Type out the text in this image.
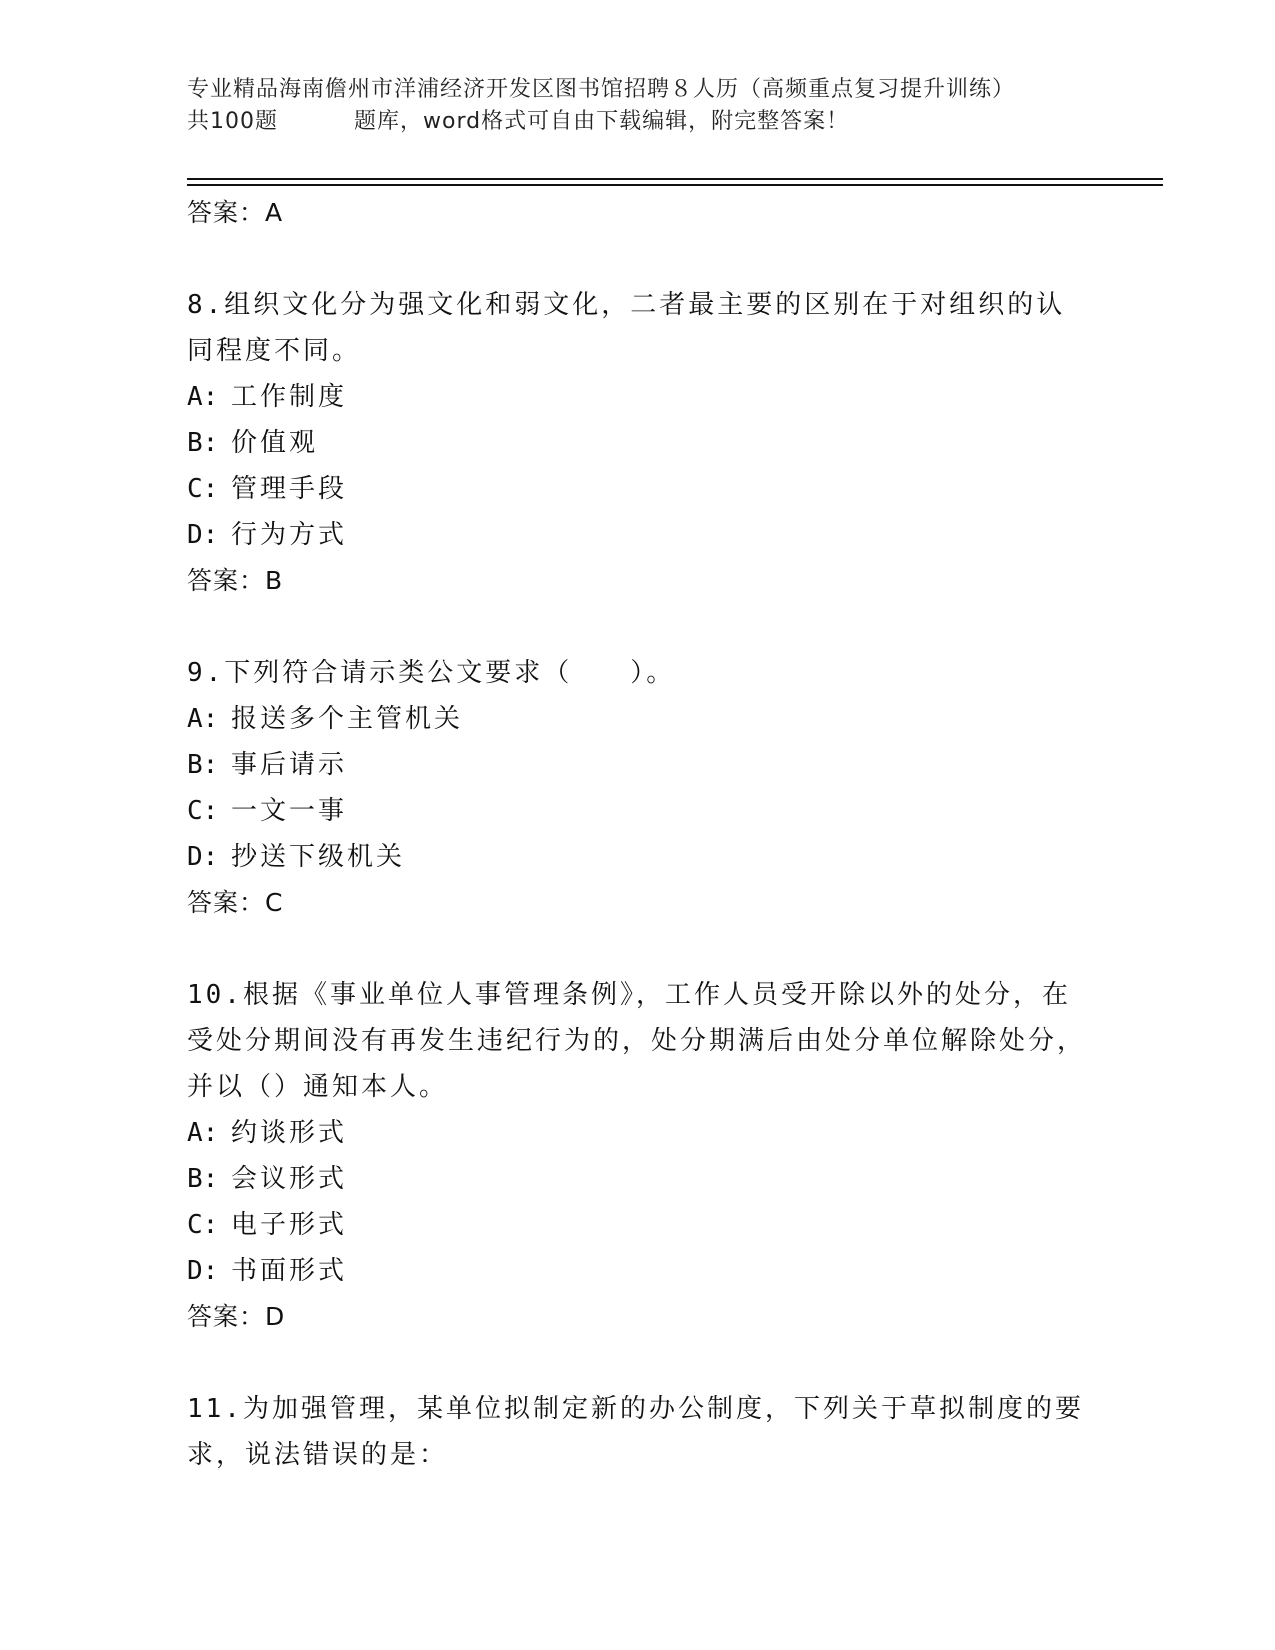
专业精品海南儋州市洋浦经济开发区图书馆招聘８人历（高频重点复习提升训练）
共100题	题库，word格式可自由下载编辑，附完整答案！
答案：A

8.组织文化分为强文化和弱文化，二者最主要的区别在于对组织的认同程度不同。

A: 工作制度
B: 价值观
C: 管理手段
D: 行为方式
答案：B

9.下列符合请示类公文要求（　　）。

A: 报送多个主管机关
B: 事后请示
C: 一文一事
D: 抄送下级机关
答案：C

10.根据《事业单位人事管理条例》，工作人员受开除以外的处分，在受处分期间没有再发生违纪行为的，处分期满后由处分单位解除处分，并以（）通知本人。

A: 约谈形式
B: 会议形式
C: 电子形式
D: 书面形式
答案：D

11.为加强管理，某单位拟制定新的办公制度，下列关于草拟制度的要求，说法错误的是：
